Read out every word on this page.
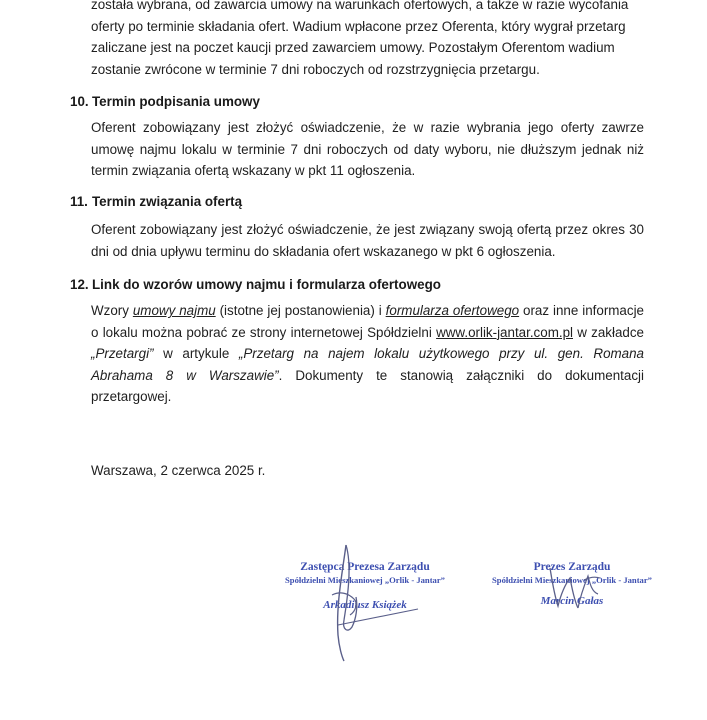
została wybrana, od zawarcia umowy na warunkach ofertowych, a także w razie wycofania
oferty po terminie składania ofert. Wadium wpłacone przez Oferenta, który wygrał przetarg
zaliczane jest na poczet kaucji przed zawarciem umowy. Pozostałym Oferentom wadium
zostanie zwrócone w terminie 7 dni roboczych od rozstrzygnięcia przetargu.
10. Termin podpisania umowy

Oferent zobowiązany jest złożyć oświadczenie, że w razie wybrania jego oferty zawrze umowę najmu lokalu w terminie 7 dni roboczych od daty wyboru, nie dłuższym jednak niż termin związania ofertą wskazany w pkt 11 ogłoszenia.

11. Termin związania ofertą

Oferent zobowiązany jest złożyć oświadczenie, że jest związany swoją ofertą przez okres 30 dni od dnia upływu terminu do składania ofert wskazanego w pkt 6 ogłoszenia.

12. Link do wzorów umowy najmu i formularza ofertowego

Wzory umowy najmu (istotne jej postanowienia) i formularza ofertowego oraz inne informacje o lokalu można pobrać ze strony internetowej Spółdzielni www.orlik-jantar.com.pl w zakładce „Przetargi” w artykule „Przetarg na najem lokalu użytkowego przy ul. gen. Romana Abrahama 8 w Warszawie”. Dokumenty te stanowią załączniki do dokumentacji przetargowej.

Warszawa, 2 czerwca 2025 r.

Zastępca Prezesa Zarządu
Spółdzielni Mieszkaniowej „Orlik - Jantar”
Arkadiusz Książek
Prezes Zarządu
Spółdzielni Mieszkaniowej „Orlik - Jantar”
Marcin Gałas
